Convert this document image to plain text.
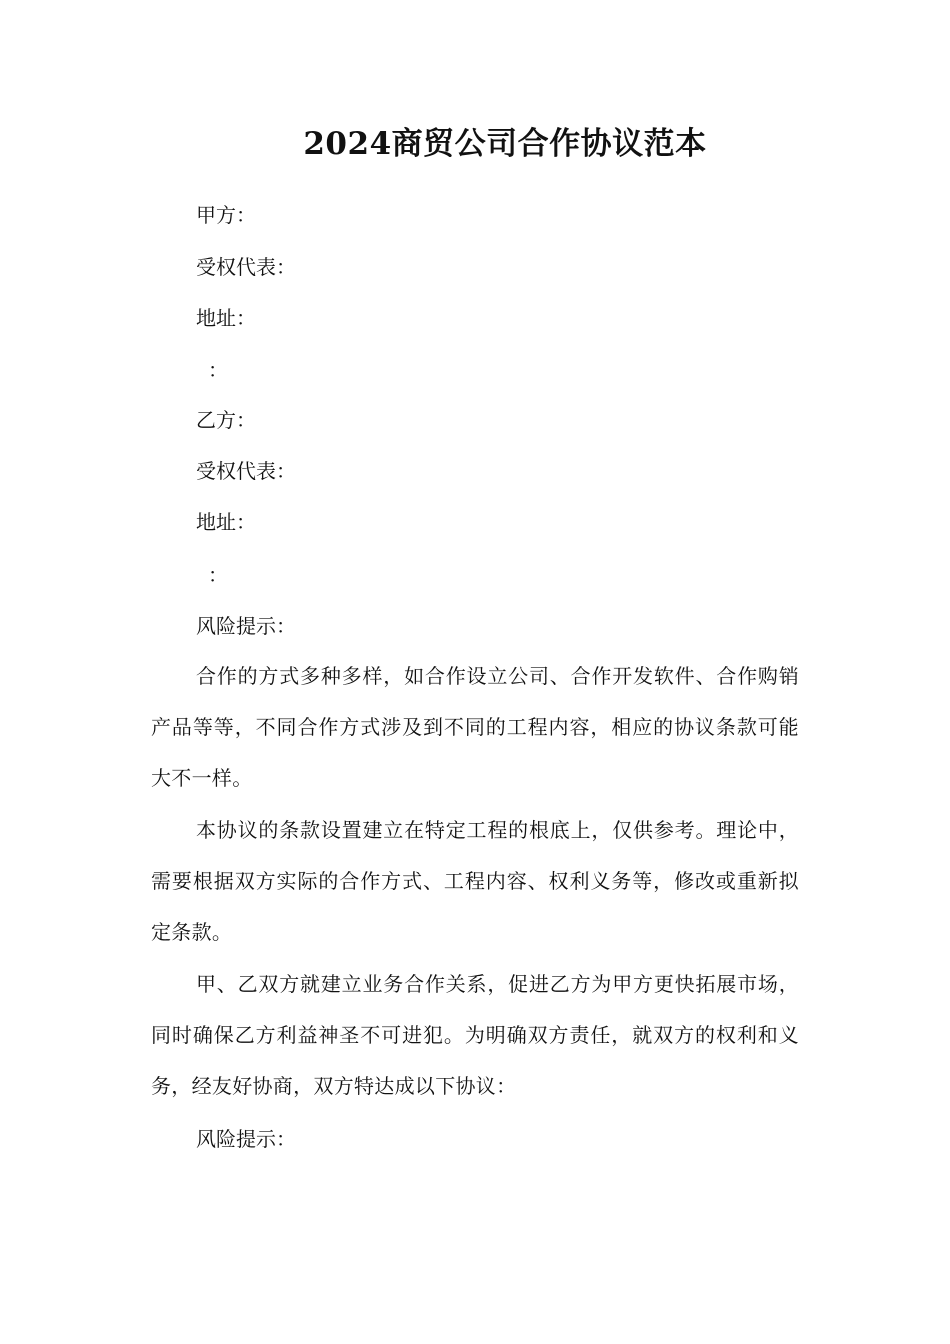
2024商贸公司合作协议范本
甲方：
受权代表：
地址：
：
乙方：
受权代表：
地址：
：
风险提示：
合作的方式多种多样，如合作设立公司、合作开发软件、合作购销产品等等，不同合作方式涉及到不同的工程内容，相应的协议条款可能大不一样。
本协议的条款设置建立在特定工程的根底上，仅供参考。理论中，需要根据双方实际的合作方式、工程内容、权利义务等，修改或重新拟定条款。
甲、乙双方就建立业务合作关系，促进乙方为甲方更快拓展市场，同时确保乙方利益神圣不可进犯。为明确双方责任，就双方的权利和义务，经友好协商，双方特达成以下协议：
风险提示：
